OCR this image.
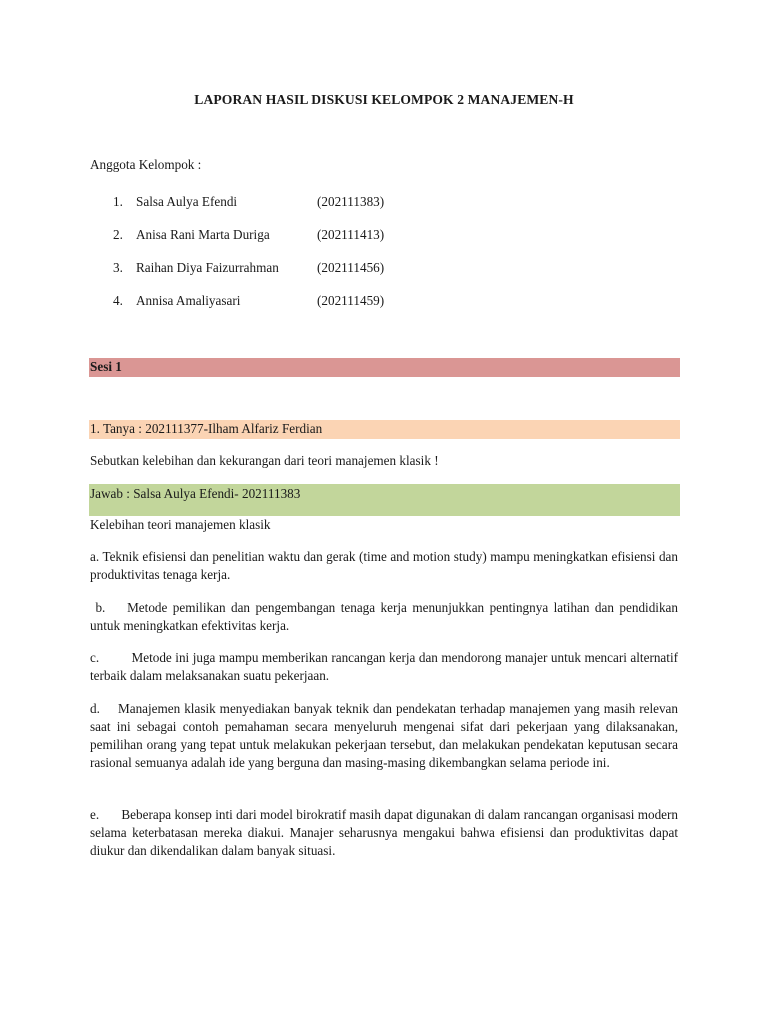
LAPORAN HASIL DISKUSI KELOMPOK 2 MANAJEMEN-H
Anggota Kelompok :
1. Salsa Aulya Efendi	(202111383)
2. Anisa Rani Marta Duriga	(202111413)
3. Raihan Diya Faizurrahman	(202111456)
4. Annisa Amaliyasari	(202111459)
Sesi 1
1. Tanya : 202111377-Ilham Alfariz Ferdian
Sebutkan kelebihan dan kekurangan dari teori manajemen klasik !
Jawab : Salsa Aulya Efendi- 202111383
Kelebihan teori manajemen klasik
a. Teknik efisiensi dan penelitian waktu dan gerak (time and motion study) mampu meningkatkan efisiensi dan produktivitas tenaga kerja.
b. Metode pemilikan dan pengembangan tenaga kerja menunjukkan pentingnya latihan dan pendidikan untuk meningkatkan efektivitas kerja.
c. Metode ini juga mampu memberikan rancangan kerja dan mendorong manajer untuk mencari alternatif terbaik dalam melaksanakan suatu pekerjaan.
d. Manajemen klasik menyediakan banyak teknik dan pendekatan terhadap manajemen yang masih relevan saat ini sebagai contoh pemahaman secara menyeluruh mengenai sifat dari pekerjaan yang dilaksanakan, pemilihan orang yang tepat untuk melakukan pekerjaan tersebut, dan melakukan pendekatan keputusan secara rasional semuanya adalah ide yang berguna dan masing-masing dikembangkan selama periode ini.
e. Beberapa konsep inti dari model birokratif masih dapat digunakan di dalam rancangan organisasi modern selama keterbatasan mereka diakui. Manajer seharusnya mengakui bahwa efisiensi dan produktivitas dapat diukur dan dikendalikan dalam banyak situasi.
